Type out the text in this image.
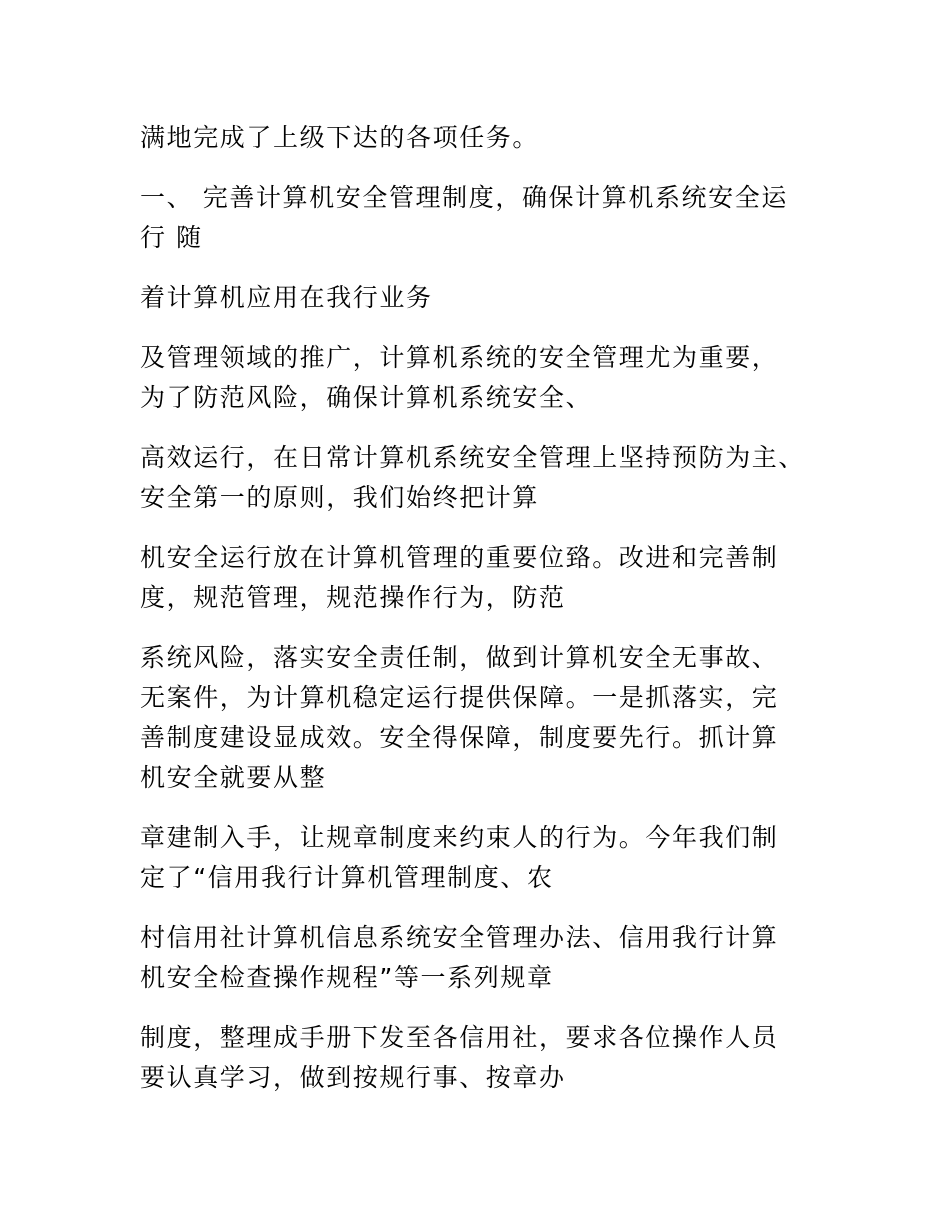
满地完成了上级下达的各项任务。

一、 完善计算机安全管理制度，确保计算机系统安全运
行 随

着计算机应用在我行业务

及管理领域的推广，计算机系统的安全管理尤为重要，
为了防范风险，确保计算机系统安全、

高效运行，在日常计算机系统安全管理上坚持预防为主、
安全第一的原则，我们始终把计算

机安全运行放在计算机管理的重要位臵。改进和完善制
度，规范管理，规范操作行为，防范

系统风险，落实安全责任制，做到计算机安全无事故、
无案件，为计算机稳定运行提供保障。一是抓落实，完
善制度建设显成效。安全得保障，制度要先行。抓计算
机安全就要从整

章建制入手，让规章制度来约束人的行为。今年我们制
定了“信用我行计算机管理制度、农

村信用社计算机信息系统安全管理办法、信用我行计算
机安全检查操作规程”等一系列规章

制度，整理成手册下发至各信用社，要求各位操作人员
要认真学习，做到按规行事、按章办
